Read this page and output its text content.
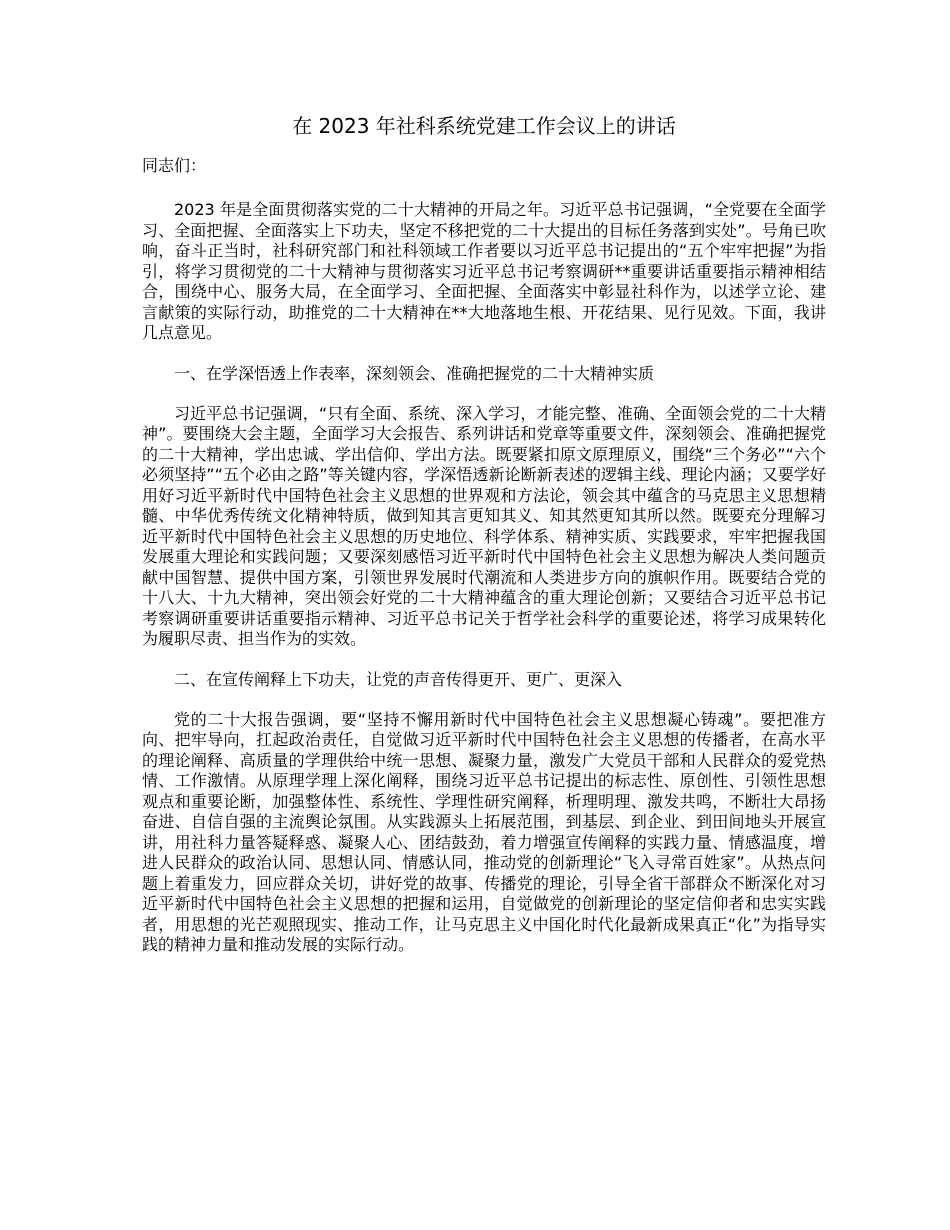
在 2023 年社科系统党建工作会议上的讲话

同志们：

2023 年是全面贯彻落实党的二十大精神的开局之年。习近平总书记强调，“全党要在全面学习、全面把握、全面落实上下功夫，坚定不移把党的二十大提出的目标任务落到实处”。号角已吹响，奋斗正当时，社科研究部门和社科领域工作者要以习近平总书记提出的“五个牢牢把握”为指引，将学习贯彻党的二十大精神与贯彻落实习近平总书记考察调研**重要讲话重要指示精神相结合，围绕中心、服务大局，在全面学习、全面把握、全面落实中彰显社科作为，以述学立论、建言献策的实际行动，助推党的二十大精神在**大地落地生根、开花结果、见行见效。下面，我讲几点意见。

一、在学深悟透上作表率，深刻领会、准确把握党的二十大精神实质

习近平总书记强调，“只有全面、系统、深入学习，才能完整、准确、全面领会党的二十大精神”。要围绕大会主题，全面学习大会报告、系列讲话和党章等重要文件，深刻领会、准确把握党的二十大精神，学出忠诚、学出信仰、学出方法。既要紧扣原文原理原义，围绕“三个务必”“六个必须坚持”“五个必由之路”等关键内容，学深悟透新论断新表述的逻辑主线、理论内涵；又要学好用好习近平新时代中国特色社会主义思想的世界观和方法论，领会其中蕴含的马克思主义思想精髓、中华优秀传统文化精神特质，做到知其言更知其义、知其然更知其所以然。既要充分理解习近平新时代中国特色社会主义思想的历史地位、科学体系、精神实质、实践要求，牢牢把握我国发展重大理论和实践问题；又要深刻感悟习近平新时代中国特色社会主义思想为解决人类问题贡献中国智慧、提供中国方案，引领世界发展时代潮流和人类进步方向的旗帜作用。既要结合党的十八大、十九大精神，突出领会好党的二十大精神蕴含的重大理论创新；又要结合习近平总书记考察调研重要讲话重要指示精神、习近平总书记关于哲学社会科学的重要论述，将学习成果转化为履职尽责、担当作为的实效。

二、在宣传阐释上下功夫，让党的声音传得更开、更广、更深入

党的二十大报告强调，要“坚持不懈用新时代中国特色社会主义思想凝心铸魂”。要把准方向、把牢导向，扛起政治责任，自觉做习近平新时代中国特色社会主义思想的传播者，在高水平的理论阐释、高质量的学理供给中统一思想、凝聚力量，激发广大党员干部和人民群众的爱党热情、工作激情。从原理学理上深化阐释，围绕习近平总书记提出的标志性、原创性、引领性思想观点和重要论断，加强整体性、系统性、学理性研究阐释，析理明理、激发共鸣，不断壮大昂扬奋进、自信自强的主流舆论氛围。从实践源头上拓展范围，到基层、到企业、到田间地头开展宣讲，用社科力量答疑释惑、凝聚人心、团结鼓劲，着力增强宣传阐释的实践力量、情感温度，增进人民群众的政治认同、思想认同、情感认同，推动党的创新理论“飞入寻常百姓家”。从热点问题上着重发力，回应群众关切，讲好党的故事、传播党的理论，引导全省干部群众不断深化对习近平新时代中国特色社会主义思想的把握和运用，自觉做党的创新理论的坚定信仰者和忠实实践者，用思想的光芒观照现实、推动工作，让马克思主义中国化时代化最新成果真正“化”为指导实践的精神力量和推动发展的实际行动。
